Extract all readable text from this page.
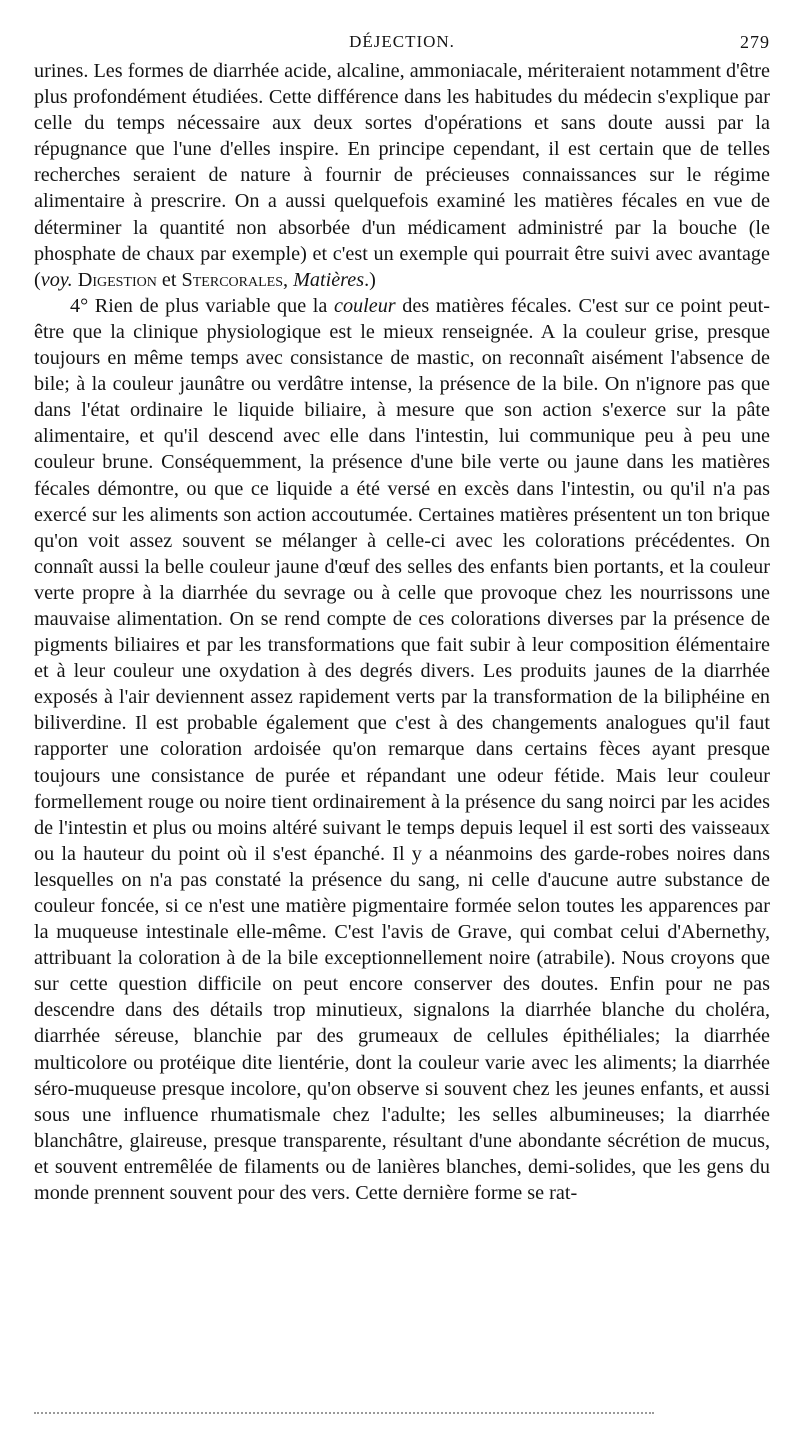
DÉJECTION.	279

urines. Les formes de diarrhée acide, alcaline, ammoniacale, mériteraient notamment d'être plus profondément étudiées. Cette différence dans les habitudes du médecin s'explique par celle du temps nécessaire aux deux sortes d'opérations et sans doute aussi par la répugnance que l'une d'elles inspire. En principe cependant, il est certain que de telles recherches seraient de nature à fournir de précieuses connaissances sur le régime alimentaire à prescrire. On a aussi quelquefois examiné les matières fécales en vue de déterminer la quantité non absorbée d'un médicament administré par la bouche (le phosphate de chaux par exemple) et c'est un exemple qui pourrait être suivi avec avantage (voy. Digestion et Stercorales, Matières.)

4° Rien de plus variable que la couleur des matières fécales. C'est sur ce point peut-être que la clinique physiologique est le mieux renseignée. A la couleur grise, presque toujours en même temps avec consistance de mastic, on reconnaît aisément l'absence de bile; à la couleur jaunâtre ou verdâtre intense, la présence de la bile. On n'ignore pas que dans l'état ordinaire le liquide biliaire, à mesure que son action s'exerce sur la pâte alimentaire, et qu'il descend avec elle dans l'intestin, lui communique peu à peu une couleur brune. Conséquemment, la présence d'une bile verte ou jaune dans les matières fécales démontre, ou que ce liquide a été versé en excès dans l'intestin, ou qu'il n'a pas exercé sur les aliments son action accoutumée. Certaines matières présentent un ton brique qu'on voit assez souvent se mélanger à celle-ci avec les colorations précédentes. On connaît aussi la belle couleur jaune d'œuf des selles des enfants bien portants, et la couleur verte propre à la diarrhée du sevrage ou à celle que provoque chez les nourrissons une mauvaise alimentation. On se rend compte de ces colorations diverses par la présence de pigments biliaires et par les transformations que fait subir à leur composition élémentaire et à leur couleur une oxydation à des degrés divers. Les produits jaunes de la diarrhée exposés à l'air deviennent assez rapidement verts par la transformation de la biliphéine en biliverdine. Il est probable également que c'est à des changements analogues qu'il faut rapporter une coloration ardoisée qu'on remarque dans certains fèces ayant presque toujours une consistance de purée et répandant une odeur fétide. Mais leur couleur formellement rouge ou noire tient ordinairement à la présence du sang noirci par les acides de l'intestin et plus ou moins altéré suivant le temps depuis lequel il est sorti des vaisseaux ou la hauteur du point où il s'est épanché. Il y a néanmoins des garde-robes noires dans lesquelles on n'a pas constaté la présence du sang, ni celle d'aucune autre substance de couleur foncée, si ce n'est une matière pigmentaire formée selon toutes les apparences par la muqueuse intestinale elle-même. C'est l'avis de Grave, qui combat celui d'Abernethy, attribuant la coloration à de la bile exceptionnellement noire (atrabile). Nous croyons que sur cette question difficile on peut encore conserver des doutes. Enfin pour ne pas descendre dans des détails trop minutieux, signalons la diarrhée blanche du choléra, diarrhée séreuse, blanchie par des grumeaux de cellules épithéliales; la diarrhée multicolore ou protéique dite lientérie, dont la couleur varie avec les aliments; la diarrhée séro-muqueuse presque incolore, qu'on observe si souvent chez les jeunes enfants, et aussi sous une influence rhumatismale chez l'adulte; les selles albumineuses; la diarrhée blanchâtre, glaireuse, presque transparente, résultant d'une abondante sécrétion de mucus, et souvent entremêlée de filaments ou de lanières blanches, demi-solides, que les gens du monde prennent souvent pour des vers. Cette dernière forme se rat-
